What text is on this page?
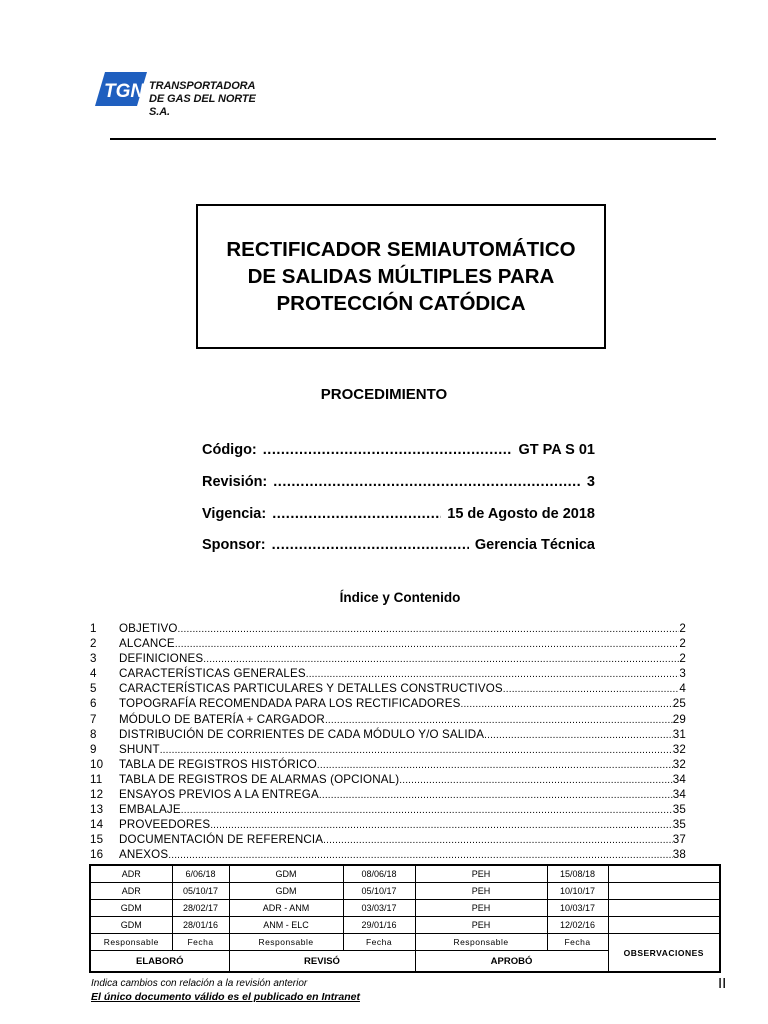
TGN TRANSPORTADORA
DE GAS DEL NORTE S.A.
RECTIFICADOR SEMIAUTOMÁTICO
DE SALIDAS MÚLTIPLES PARA
PROTECCIÓN CATÓDICA
PROCEDIMIENTO
Código: .....	GT PA S 01
Revisión: .....	3
Vigencia: .....	15 de Agosto de 2018
Sponsor: .....	Gerencia Técnica
Índice y Contenido
1	OBJETIVO .....	2
2	ALCANCE .....	2
3	DEFINICIONES .....	2
4	CARACTERÍSTICAS GENERALES .....	3
5	CARACTERÍSTICAS PARTICULARES Y DETALLES CONSTRUCTIVOS .....	4
6	TOPOGRAFÍA RECOMENDADA PARA LOS RECTIFICADORES .....	25
7	MÓDULO DE BATERÍA + CARGADOR .....	29
8	DISTRIBUCIÓN DE CORRIENTES DE CADA MÓDULO Y/O SALIDA .....	31
9	SHUNT .....	32
10	TABLA DE REGISTROS HISTÓRICO .....	32
11	TABLA DE REGISTROS DE ALARMAS (OPCIONAL) .....	34
12	ENSAYOS PREVIOS A LA ENTREGA .....	34
13	EMBALAJE .....	35
14	PROVEEDORES .....	35
15	DOCUMENTACIÓN DE REFERENCIA .....	37
16	ANEXOS .....	38
ADR	6/06/18	GDM	08/06/18	PEH	15/08/18	
ADR	05/10/17	GDM	05/10/17	PEH	10/10/17	
GDM	28/02/17	ADR - ANM	03/03/17	PEH	10/03/17	
GDM	28/01/16	ANM - ELC	29/01/16	PEH	12/02/16	
Responsable	Fecha	Responsable	Fecha	Responsable	Fecha	OBSERVACIONES
ELABORÓ		REVISÓ		APROBÓ		
Indica cambios con relación a la revisión anterior
El único documento válido es el publicado en Intranet
II
